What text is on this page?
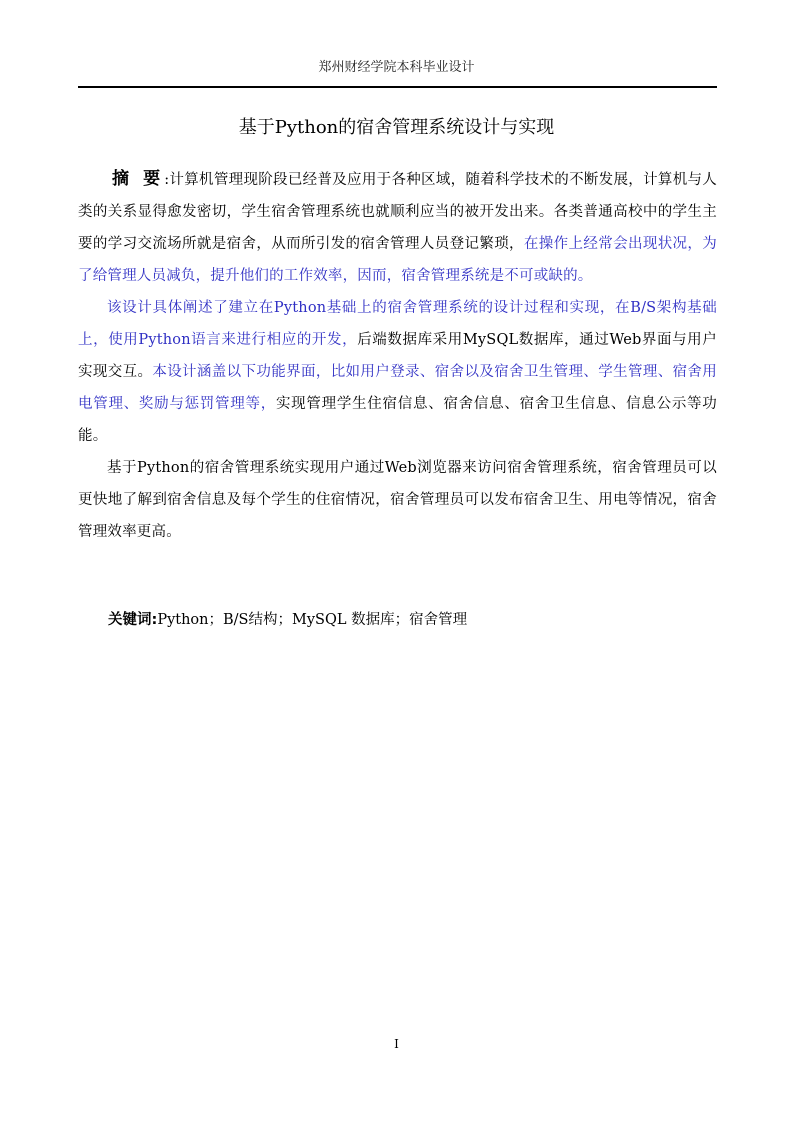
郑州财经学院本科毕业设计
基于Python的宿舍管理系统设计与实现

摘 要:计算机管理现阶段已经普及应用于各种区域，随着科学技术的不断发展，计算机与人类的关系显得愈发密切，学生宿舍管理系统也就顺利应当的被开发出来。各类普通高校中的学生主要的学习交流场所就是宿舍，从而所引发的宿舍管理人员登记繁琐，在操作上经常会出现状况，为了给管理人员减负，提升他们的工作效率，因而，宿舍管理系统是不可或缺的。

该设计具体阐述了建立在Python基础上的宿舍管理系统的设计过程和实现，在B/S架构基础上，使用Python语言来进行相应的开发，后端数据库采用MySQL数据库，通过Web界面与用户实现交互。本设计涵盖以下功能界面，比如用户登录、宿舍以及宿舍卫生管理、学生管理、宿舍用电管理、奖励与惩罚管理等，实现管理学生住宿信息、宿舍信息、宿舍卫生信息、信息公示等功能。

基于Python的宿舍管理系统实现用户通过Web浏览器来访问宿舍管理系统，宿舍管理员可以更快地了解到宿舍信息及每个学生的住宿情况，宿舍管理员可以发布宿舍卫生、用电等情况，宿舍管理效率更高。

关键词:Python；B/S结构；MySQL 数据库；宿舍管理
I
